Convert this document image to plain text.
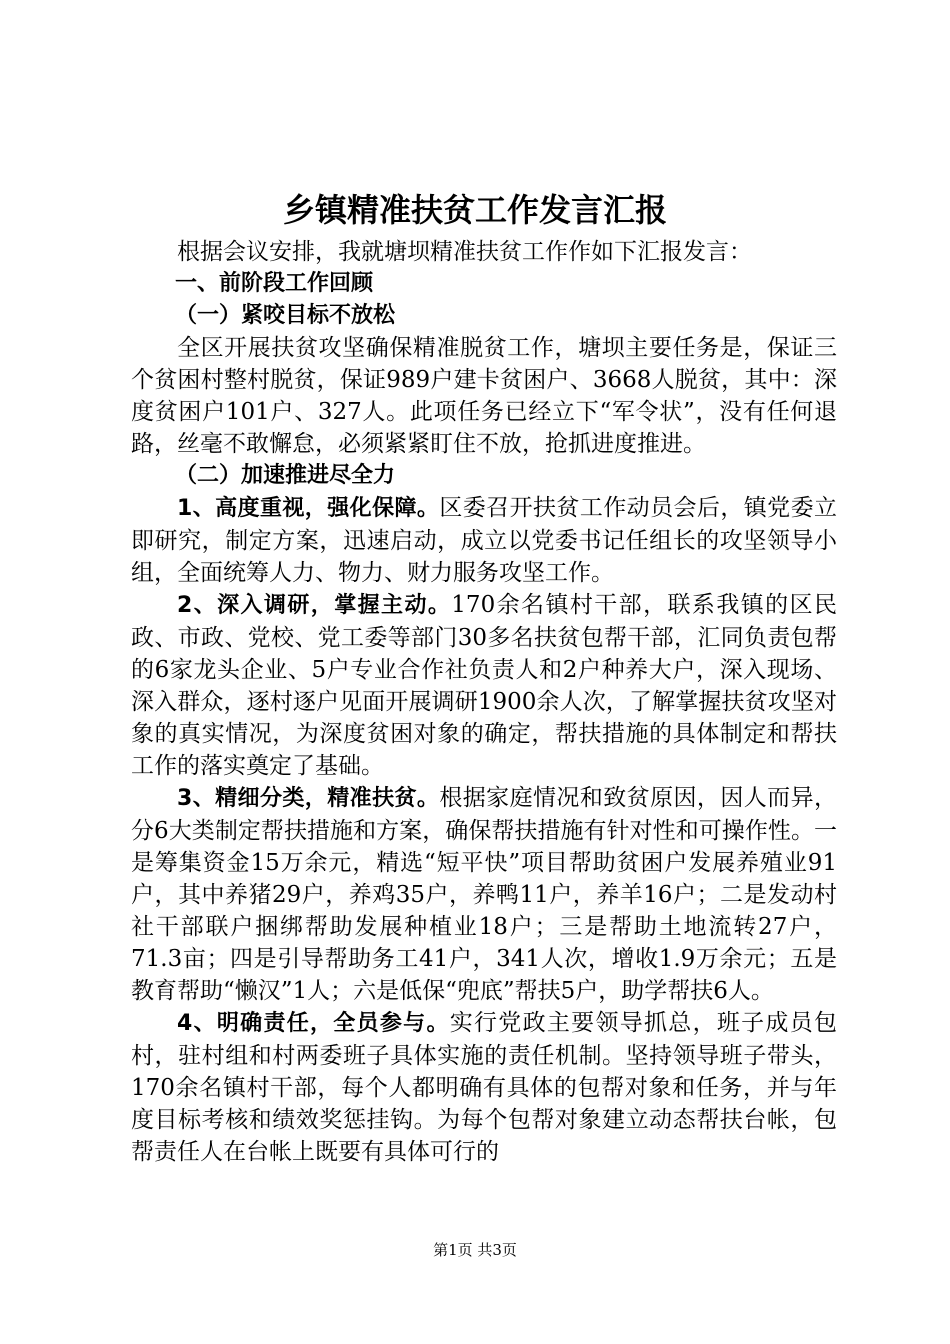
乡镇精准扶贫工作发言汇报

根据会议安排，我就塘坝精准扶贫工作作如下汇报发言：

一、前阶段工作回顾

（一）紧咬目标不放松

全区开展扶贫攻坚确保精准脱贫工作，塘坝主要任务是，保证三个贫困村整村脱贫，保证989户建卡贫困户、3668人脱贫，其中：深度贫困户101户、327人。此项任务已经立下“军令状”，没有任何退路，丝毫不敢懈怠，必须紧紧盯住不放，抢抓进度推进。

（二）加速推进尽全力

1、高度重视，强化保障。区委召开扶贫工作动员会后，镇党委立即研究，制定方案，迅速启动，成立以党委书记任组长的攻坚领导小组，全面统筹人力、物力、财力服务攻坚工作。

2、深入调研，掌握主动。170余名镇村干部，联系我镇的区民政、市政、党校、党工委等部门30多名扶贫包帮干部，汇同负责包帮的6家龙头企业、5户专业合作社负责人和2户种养大户，深入现场、深入群众，逐村逐户见面开展调研1900余人次，了解掌握扶贫攻坚对象的真实情况，为深度贫困对象的确定，帮扶措施的具体制定和帮扶工作的落实奠定了基础。

3、精细分类，精准扶贫。根据家庭情况和致贫原因，因人而异，分6大类制定帮扶措施和方案，确保帮扶措施有针对性和可操作性。一是筹集资金15万余元，精选“短平快”项目帮助贫困户发展养殖业91户，其中养猪29户，养鸡35户，养鸭11户，养羊16户；二是发动村社干部联户捆绑帮助发展种植业18户；三是帮助土地流转27户，71.3亩；四是引导帮助务工41户，341人次，增收1.9万余元；五是教育帮助“懒汉”1人；六是低保“兜底”帮扶5户，助学帮扶6人。

4、明确责任，全员参与。实行党政主要领导抓总，班子成员包村，驻村组和村两委班子具体实施的责任机制。坚持领导班子带头，170余名镇村干部，每个人都明确有具体的包帮对象和任务，并与年度目标考核和绩效奖惩挂钩。为每个包帮对象建立动态帮扶台帐，包帮责任人在台帐上既要有具体可行的

第1页 共3页
